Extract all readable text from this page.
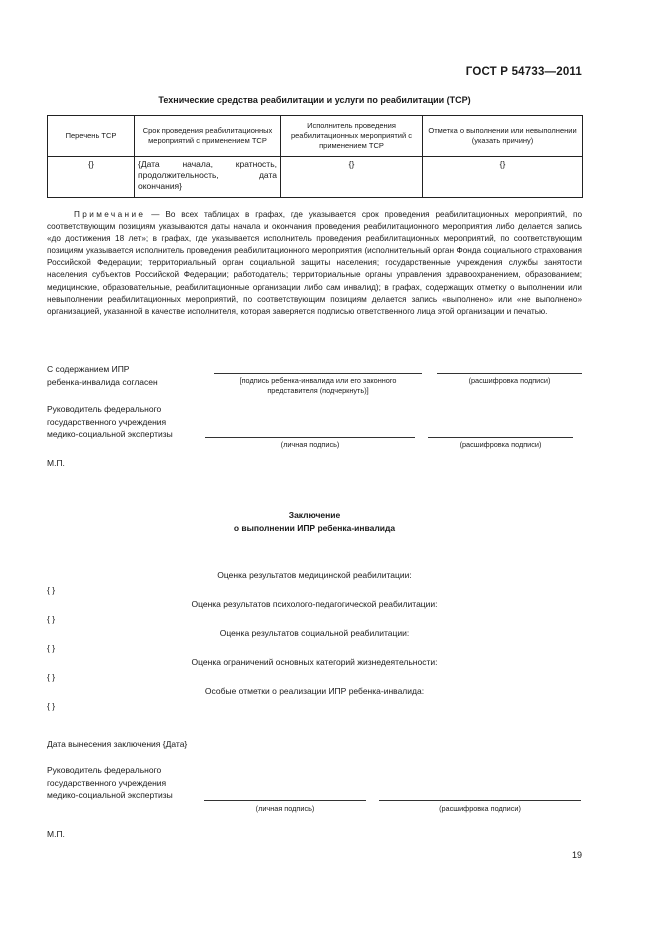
ГОСТ Р 54733—2011
Технические средства реабилитации и услуги по реабилитации (ТСР)
Перечень ТСР	Срок проведения реабилитационных мероприятий с применением ТСР	Исполнитель проведения реабилитационных мероприятий с применением ТСР	Отметка о выполнении или невыполнении (указать причину)
{}	{Дата начала, кратность, продолжительность, дата окончания}	{}	{}
Примечание — Во всех таблицах в графах, где указывается срок проведения реабилитационных мероприятий, по соответствующим позициям указываются даты начала и окончания проведения реабилитационного мероприятия либо делается запись «до достижения 18 лет»; в графах, где указывается исполнитель проведения реабилитационных мероприятий, по соответствующим позициям указывается исполнитель проведения реабилитационного мероприятия (исполнительный орган Фонда социального страхования Российской Федерации; территориальный орган социальной защиты населения; государственные учреждения службы занятости населения субъектов Российской Федерации; работодатель; территориальные органы управления здравоохранением, образованием; медицинские, образовательные, реабилитационные организации либо сам инвалид); в графах, содержащих отметку о выполнении или невыполнении реабилитационных мероприятий, по соответствующим позициям делается запись «выполнено» или «не выполнено» организацией, указанной в качестве исполнителя, которая заверяется подписью ответственного лица этой организации и печатью.
С содержанием ИПР
ребенка-инвалида согласен	[подпись ребенка-инвалида или его законного представителя (подчеркнуть)]
(расшифровка подписи)
Руководитель федерального
государственного учреждения
медико-социальной экспертизы
(личная подпись)	(расшифровка подписи)
М.П.
Заключение
о выполнении ИПР ребенка-инвалида
Оценка результатов медицинской реабилитации:
{ }
Оценка результатов психолого-педагогической реабилитации:
{ }
Оценка результатов социальной реабилитации:
{ }
Оценка ограничений основных категорий жизнедеятельности:
{ }
Особые отметки о реализации ИПР ребенка-инвалида:
{ }
Дата вынесения заключения {Дата}
Руководитель федерального
государственного учреждения
медико-социальной экспертизы
(личная подпись)	(расшифровка подписи)
М.П.
19
